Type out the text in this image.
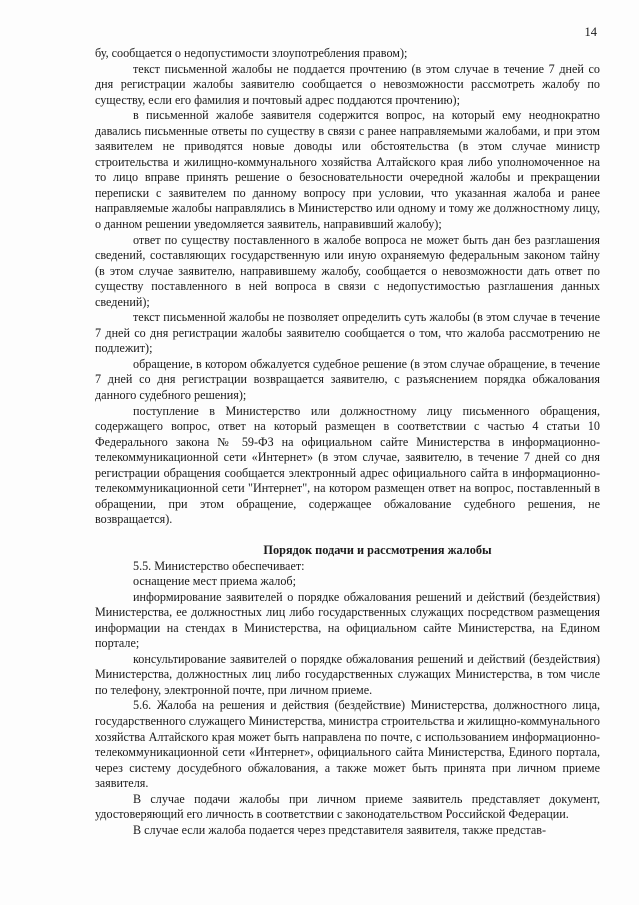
14

бу, сообщается о недопустимости злоупотребления правом);

текст письменной жалобы не поддается прочтению (в этом случае в течение 7 дней со дня регистрации жалобы заявителю сообщается о невозможности рассмотреть жалобу по существу, если его фамилия и почтовый адрес поддаются прочтению);

в письменной жалобе заявителя содержится вопрос, на который ему неоднократно давались письменные ответы по существу в связи с ранее направляемыми жалобами, и при этом заявителем не приводятся новые доводы или обстоятельства (в этом случае министр строительства и жилищно-коммунального хозяйства Алтайского края либо уполномоченное на то лицо вправе принять решение о безосновательности очередной жалобы и прекращении переписки с заявителем по данному вопросу при условии, что указанная жалоба и ранее направляемые жалобы направлялись в Министерство или одному и тому же должностному лицу, о данном решении уведомляется заявитель, направивший жалобу);

ответ по существу поставленного в жалобе вопроса не может быть дан без разглашения сведений, составляющих государственную или иную охраняемую федеральным законом тайну (в этом случае заявителю, направившему жалобу, сообщается о невозможности дать ответ по существу поставленного в ней вопроса в связи с недопустимостью разглашения данных сведений);

текст письменной жалобы не позволяет определить суть жалобы (в этом случае в течение 7 дней со дня регистрации жалобы заявителю сообщается о том, что жалоба рассмотрению не подлежит);

обращение, в котором обжалуется судебное решение (в этом случае обращение, в течение 7 дней со дня регистрации возвращается заявителю, с разъяснением порядка обжалования данного судебного решения);

поступление в Министерство или должностному лицу письменного обращения, содержащего вопрос, ответ на который размещен в соответствии с частью 4 статьи 10 Федерального закона № 59-ФЗ на официальном сайте Министерства в информационно-телекоммуникационной сети «Интернет» (в этом случае, заявителю, в течение 7 дней со дня регистрации обращения сообщается электронный адрес официального сайта в информационно-телекоммуникационной сети "Интернет", на котором размещен ответ на вопрос, поставленный в обращении, при этом обращение, содержащее обжалование судебного решения, не возвращается).

Порядок подачи и рассмотрения жалобы

5.5. Министерство обеспечивает:

оснащение мест приема жалоб;

информирование заявителей о порядке обжалования решений и действий (бездействия) Министерства, ее должностных лиц либо государственных служащих посредством размещения информации на стендах в Министерства, на официальном сайте Министерства, на Едином портале;

консультирование заявителей о порядке обжалования решений и действий (бездействия) Министерства, должностных лиц либо государственных служащих Министерства, в том числе по телефону, электронной почте, при личном приеме.

5.6. Жалоба на решения и действия (бездействие) Министерства, должностного лица, государственного служащего Министерства, министра строительства и жилищно-коммунального хозяйства Алтайского края может быть направлена по почте, с использованием информационно-телекоммуникационной сети «Интернет», официального сайта Министерства, Единого портала, через систему досудебного обжалования, а также может быть принята при личном приеме заявителя.

В случае подачи жалобы при личном приеме заявитель представляет документ, удостоверяющий его личность в соответствии с законодательством Российской Федерации.

В случае если жалоба подается через представителя заявителя, также представ-
